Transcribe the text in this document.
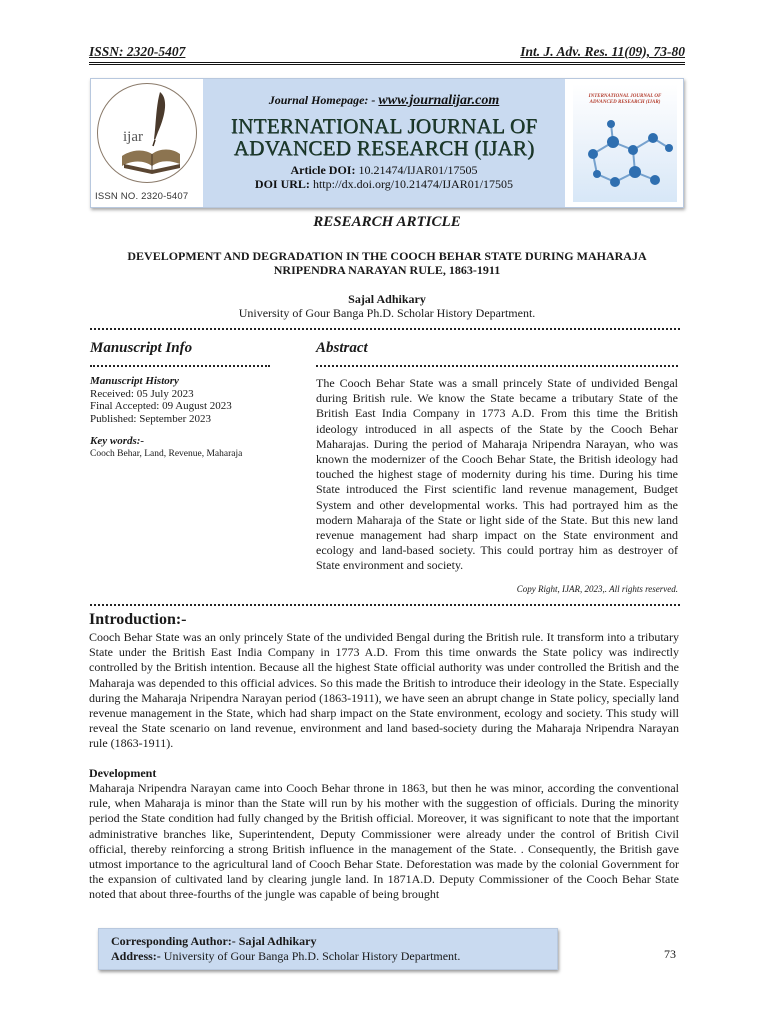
ISSN: 2320-5407	Int. J. Adv. Res. 11(09), 73-80
ijar
ISSN NO. 2320-5407
Journal Homepage: - www.journalijar.com
INTERNATIONAL JOURNAL OF
ADVANCED RESEARCH (IJAR)
Article DOI: 10.21474/IJAR01/17505
DOI URL: http://dx.doi.org/10.21474/IJAR01/17505
INTERNATIONAL JOURNAL OF ADVANCED RESEARCH (IJAR)
RESEARCH ARTICLE
DEVELOPMENT AND DEGRADATION IN THE COOCH BEHAR STATE DURING MAHARAJA
NRIPENDRA NARAYAN RULE, 1863-1911
Sajal Adhikary
University of Gour Banga Ph.D. Scholar History Department.
Manuscript Info	Abstract
Manuscript History
Received: 05 July 2023
Final Accepted: 09 August 2023
Published: September 2023
Key words:-
Cooch Behar, Land, Revenue, Maharaja
The Cooch Behar State was a small princely State of undivided Bengal during British rule. We know the State became a tributary State of the British East India Company in 1773 A.D. From this time the British ideology introduced in all aspects of the State by the Cooch Behar Maharajas. During the period of Maharaja Nripendra Narayan, who was known the modernizer of the Cooch Behar State, the British ideology had touched the highest stage of modernity during his time. During his time State introduced the First scientific land revenue management, Budget System and other developmental works. This had portrayed him as the modern Maharaja of the State or light side of the State. But this new land revenue management had sharp impact on the State environment and ecology and land-based society. This could portray him as destroyer of State environment and society.
Copy Right, IJAR, 2023,. All rights reserved.
Introduction:-
Cooch Behar State was an only princely State of the undivided Bengal during the British rule. It transform into a tributary State under the British East India Company in 1773 A.D. From this time onwards the State policy was indirectly controlled by the British intention. Because all the highest State official authority was under controlled the British and the Maharaja was depended to this official advices. So this made the British to introduce their ideology in the State. Especially during the Maharaja Nripendra Narayan period (1863-1911), we have seen an abrupt change in State policy, specially land revenue management in the State, which had sharp impact on the State environment, ecology and society. This study will reveal the State scenario on land revenue, environment and land based-society during the Maharaja Nripendra Narayan rule (1863-1911).
Development
Maharaja Nripendra Narayan came into Cooch Behar throne in 1863, but then he was minor, according the conventional rule, when Maharaja is minor than the State will run by his mother with the suggestion of officials. During the minority period the State condition had fully changed by the British official. Moreover, it was significant to note that the important administrative branches like, Superintendent, Deputy Commissioner were already under the control of British Civil official, thereby reinforcing a strong British influence in the management of the State. . Consequently, the British gave utmost importance to the agricultural land of Cooch Behar State. Deforestation was made by the colonial Government for the expansion of cultivated land by clearing jungle land. In 1871A.D. Deputy Commissioner of the Cooch Behar State noted that about three-fourths of the jungle was capable of being brought
Corresponding Author:- Sajal Adhikary
Address:- University of Gour Banga Ph.D. Scholar History Department.	73
